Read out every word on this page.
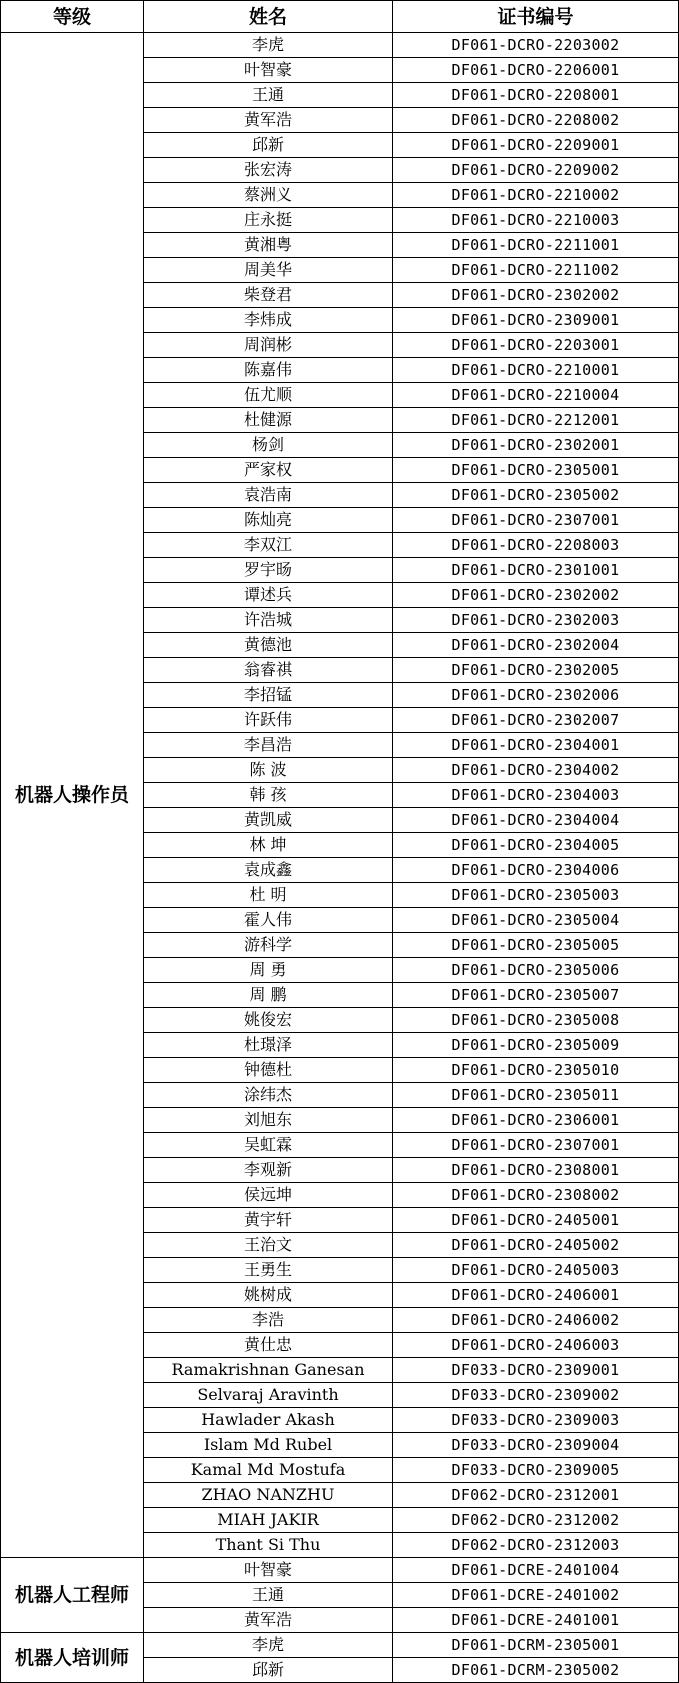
等级	姓名	证书编号
机器人操作员	李虎	DF061-DCRO-2203002
	叶智豪	DF061-DCRO-2206001
	王通	DF061-DCRO-2208001
	黄军浩	DF061-DCRO-2208002
	邱新	DF061-DCRO-2209001
	张宏涛	DF061-DCRO-2209002
	蔡洲义	DF061-DCRO-2210002
	庄永挺	DF061-DCRO-2210003
	黄湘粤	DF061-DCRO-2211001
	周美华	DF061-DCRO-2211002
	柴登君	DF061-DCRO-2302002
	李炜成	DF061-DCRO-2309001
	周润彬	DF061-DCRO-2203001
	陈嘉伟	DF061-DCRO-2210001
	伍尤顺	DF061-DCRO-2210004
	杜健源	DF061-DCRO-2212001
	杨剑	DF061-DCRO-2302001
	严家权	DF061-DCRO-2305001
	袁浩南	DF061-DCRO-2305002
	陈灿亮	DF061-DCRO-2307001
	李双江	DF061-DCRO-2208003
	罗宇旸	DF061-DCRO-2301001
	谭述兵	DF061-DCRO-2302002
	许浩城	DF061-DCRO-2302003
	黄德池	DF061-DCRO-2302004
	翁睿祺	DF061-DCRO-2302005
	李招锰	DF061-DCRO-2302006
	许跃伟	DF061-DCRO-2302007
	李昌浩	DF061-DCRO-2304001
	陈 波	DF061-DCRO-2304002
	韩 孩	DF061-DCRO-2304003
	黄凯威	DF061-DCRO-2304004
	林 坤	DF061-DCRO-2304005
	袁成鑫	DF061-DCRO-2304006
	杜 明	DF061-DCRO-2305003
	霍人伟	DF061-DCRO-2305004
	游科学	DF061-DCRO-2305005
	周 勇	DF061-DCRO-2305006
	周 鹏	DF061-DCRO-2305007
	姚俊宏	DF061-DCRO-2305008
	杜璟泽	DF061-DCRO-2305009
	钟德杜	DF061-DCRO-2305010
	涂纬杰	DF061-DCRO-2305011
	刘旭东	DF061-DCRO-2306001
	吴虹霖	DF061-DCRO-2307001
	李观新	DF061-DCRO-2308001
	侯远坤	DF061-DCRO-2308002
	黄宇轩	DF061-DCRO-2405001
	王治文	DF061-DCRO-2405002
	王勇生	DF061-DCRO-2405003
	姚树成	DF061-DCRO-2406001
	李浩	DF061-DCRO-2406002
	黄仕忠	DF061-DCRO-2406003
	Ramakrishnan Ganesan	DF033-DCRO-2309001
	Selvaraj Aravinth	DF033-DCRO-2309002
	Hawlader Akash	DF033-DCRO-2309003
	Islam Md Rubel	DF033-DCRO-2309004
	Kamal Md Mostufa	DF033-DCRO-2309005
	ZHAO NANZHU	DF062-DCRO-2312001
	MIAH JAKIR	DF062-DCRO-2312002
	Thant Si Thu	DF062-DCRO-2312003
机器人工程师	叶智豪	DF061-DCRE-2401004
	王通	DF061-DCRE-2401002
	黄军浩	DF061-DCRE-2401001
机器人培训师	李虎	DF061-DCRM-2305001
	邱新	DF061-DCRM-2305002
